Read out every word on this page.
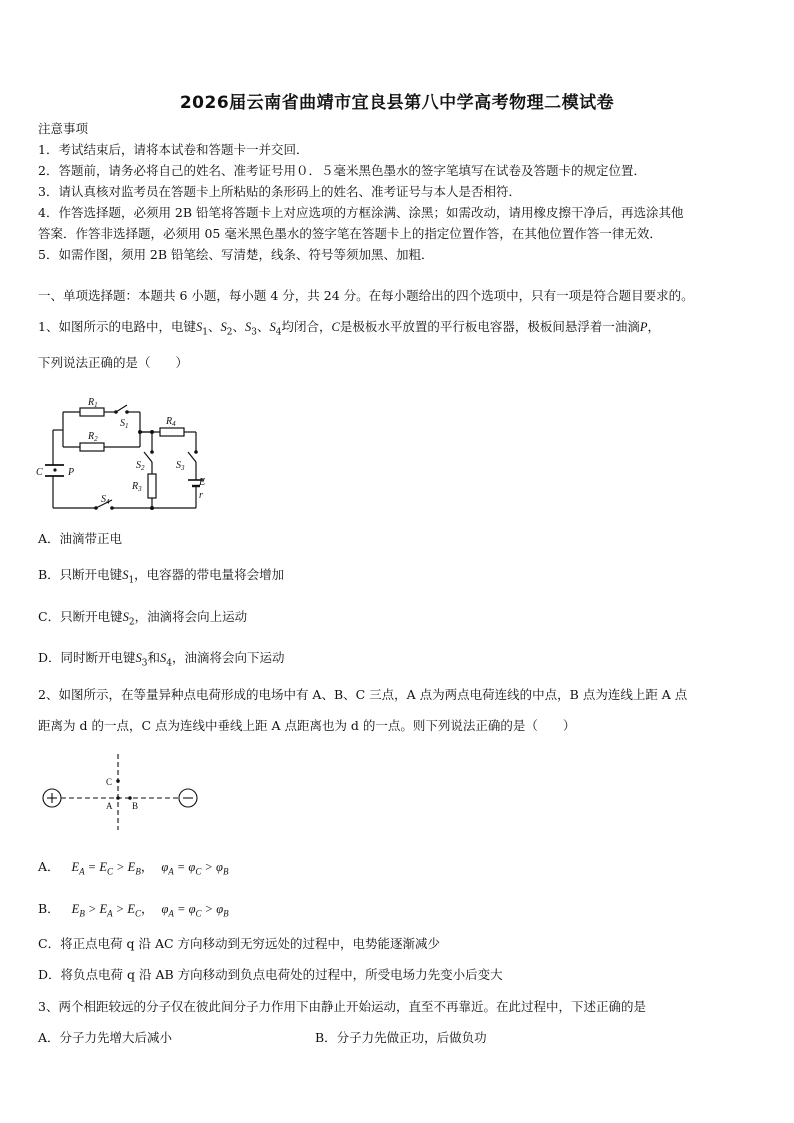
2026届云南省曲靖市宜良县第八中学高考物理二模试卷
注意事项
1．考试结束后，请将本试卷和答题卡一并交回．
2．答题前，请务必将自己的姓名、准考证号用０．５毫米黑色墨水的签字笔填写在试卷及答题卡的规定位置．
3．请认真核对监考员在答题卡上所粘贴的条形码上的姓名、准考证号与本人是否相符．
4．作答选择题，必须用 2B 铅笔将答题卡上对应选项的方框涂满、涂黑；如需改动，请用橡皮擦干净后，再选涂其他
答案．作答非选择题，必须用 05 毫米黑色墨水的签字笔在答题卡上的指定位置作答，在其他位置作答一律无效．
5．如需作图，须用 2B 铅笔绘、写清楚，线条、符号等须加黑、加粗．
一、单项选择题：本题共 6 小题，每小题 4 分，共 24 分。在每小题给出的四个选项中，只有一项是符合题目要求的。
1、如图所示的电路中，电键$S_1$、$S_2$、$S_3$、$S_4$均闭合，C是极板水平放置的平行板电容器，极板间悬浮着一油滴P，
下列说法正确的是（　　）
$R_1$
$R_2$
$S_1$	$R_4$
$S_2$	$S_3$
$R_3$
E
r
$S_4$
C	P
A．油滴带正电
B．只断开电键$S_1$，电容器的带电量将会增加
C．只断开电键$S_2$，油滴将会向上运动
D．同时断开电键$S_3$和$S_4$，油滴将会向下运动
2、如图所示，在等量异种点电荷形成的电场中有 A、B、C 三点，A 点为两点电荷连线的中点，B 点为连线上距 A 点
距离为 d 的一点，C 点为连线中垂线上距 A 点距离也为 d 的一点。则下列说法正确的是（　　）
C
A B
A． $E_A = E_C > E_B$， $\varphi_A = \varphi_C > \varphi_B$
B． $E_B > E_A > E_C$， $\varphi_A = \varphi_C > \varphi_B$
C．将正点电荷 q 沿 AC 方向移动到无穷远处的过程中，电势能逐渐减少
D．将负点电荷 q 沿 AB 方向移动到负点电荷处的过程中，所受电场力先变小后变大
3、两个相距较远的分子仅在彼此间分子力作用下由静止开始运动，直至不再靠近。在此过程中，下述正确的是
A．分子力先增大后减小	B．分子力先做正功，后做负功
